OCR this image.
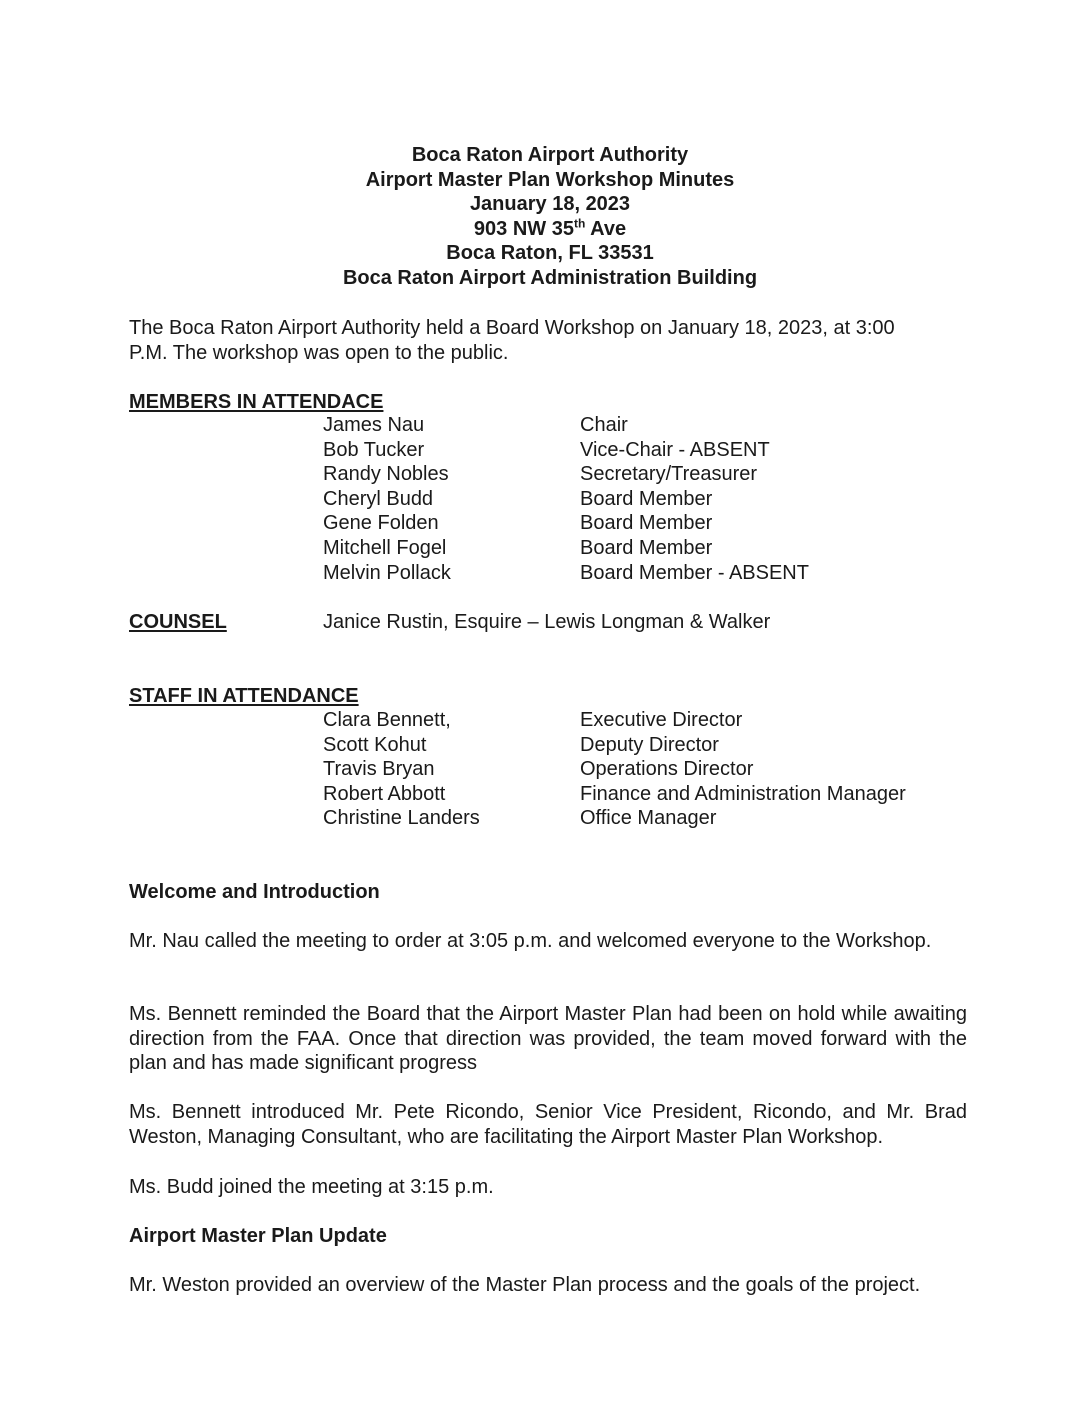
Boca Raton Airport Authority
Airport Master Plan Workshop Minutes
January 18, 2023
903 NW 35th Ave
Boca Raton, FL 33531
Boca Raton Airport Administration Building
The Boca Raton Airport Authority held a Board Workshop on January 18, 2023, at 3:00
P.M. The workshop was open to the public.
MEMBERS IN ATTENDACE
James Nau	Chair
Bob Tucker	Vice-Chair - ABSENT
Randy Nobles	Secretary/Treasurer
Cheryl Budd	Board Member
Gene Folden	Board Member
Mitchell Fogel	Board Member
Melvin Pollack	Board Member - ABSENT
COUNSEL	Janice Rustin, Esquire – Lewis Longman & Walker
STAFF IN ATTENDANCE
Clara Bennett,	Executive Director
Scott Kohut	Deputy Director
Travis Bryan	Operations Director
Robert Abbott	Finance and Administration Manager
Christine Landers	Office Manager
Welcome and Introduction
Mr. Nau called the meeting to order at 3:05 p.m. and welcomed everyone to the Workshop.
Ms. Bennett reminded the Board that the Airport Master Plan had been on hold while awaiting direction from the FAA. Once that direction was provided, the team moved forward with the plan and has made significant progress
Ms. Bennett introduced Mr. Pete Ricondo, Senior Vice President, Ricondo, and Mr. Brad Weston, Managing Consultant, who are facilitating the Airport Master Plan Workshop.
Ms. Budd joined the meeting at 3:15 p.m.
Airport Master Plan Update
Mr. Weston provided an overview of the Master Plan process and the goals of the project.
